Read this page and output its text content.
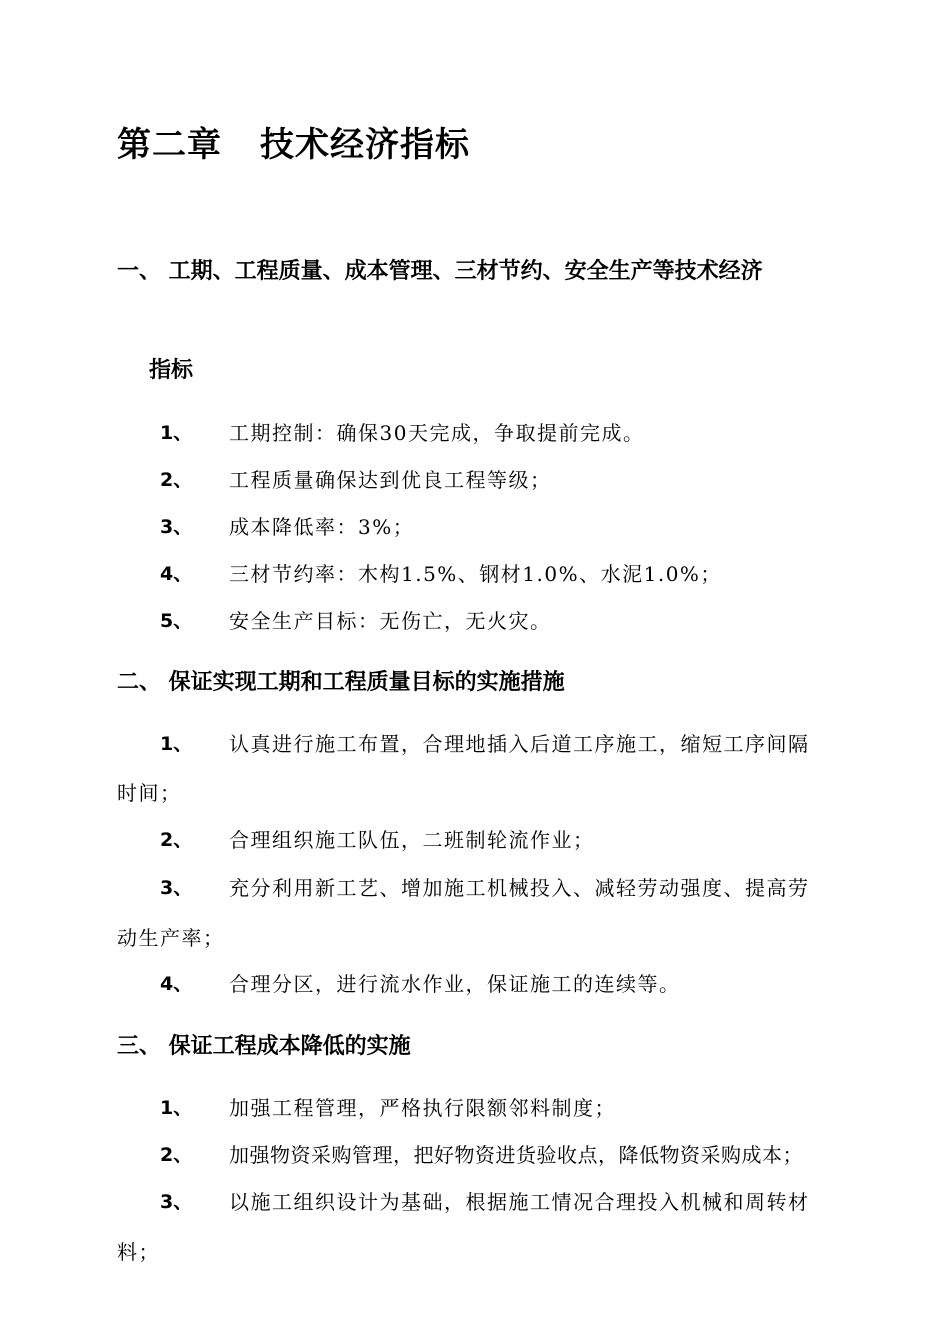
第二章 技术经济指标
一、 工期、工程质量、成本管理、三材节约、安全生产等技术经济
指标
1、 工期控制：确保30天完成，争取提前完成。
2、 工程质量确保达到优良工程等级；
3、 成本降低率：3%；
4、 三材节约率：木构1.5%、钢材1.0%、水泥1.0%；
5、 安全生产目标：无伤亡，无火灾。
二、 保证实现工期和工程质量目标的实施措施
1、 认真进行施工布置，合理地插入后道工序施工，缩短工序间隔
时间；
2、 合理组织施工队伍，二班制轮流作业；
3、 充分利用新工艺、增加施工机械投入、减轻劳动强度、提高劳
动生产率；
4、 合理分区，进行流水作业，保证施工的连续等。
三、 保证工程成本降低的实施
1、 加强工程管理，严格执行限额邻料制度；
2、 加强物资采购管理，把好物资进货验收点，降低物资采购成本；
3、 以施工组织设计为基础，根据施工情况合理投入机械和周转材
料；
